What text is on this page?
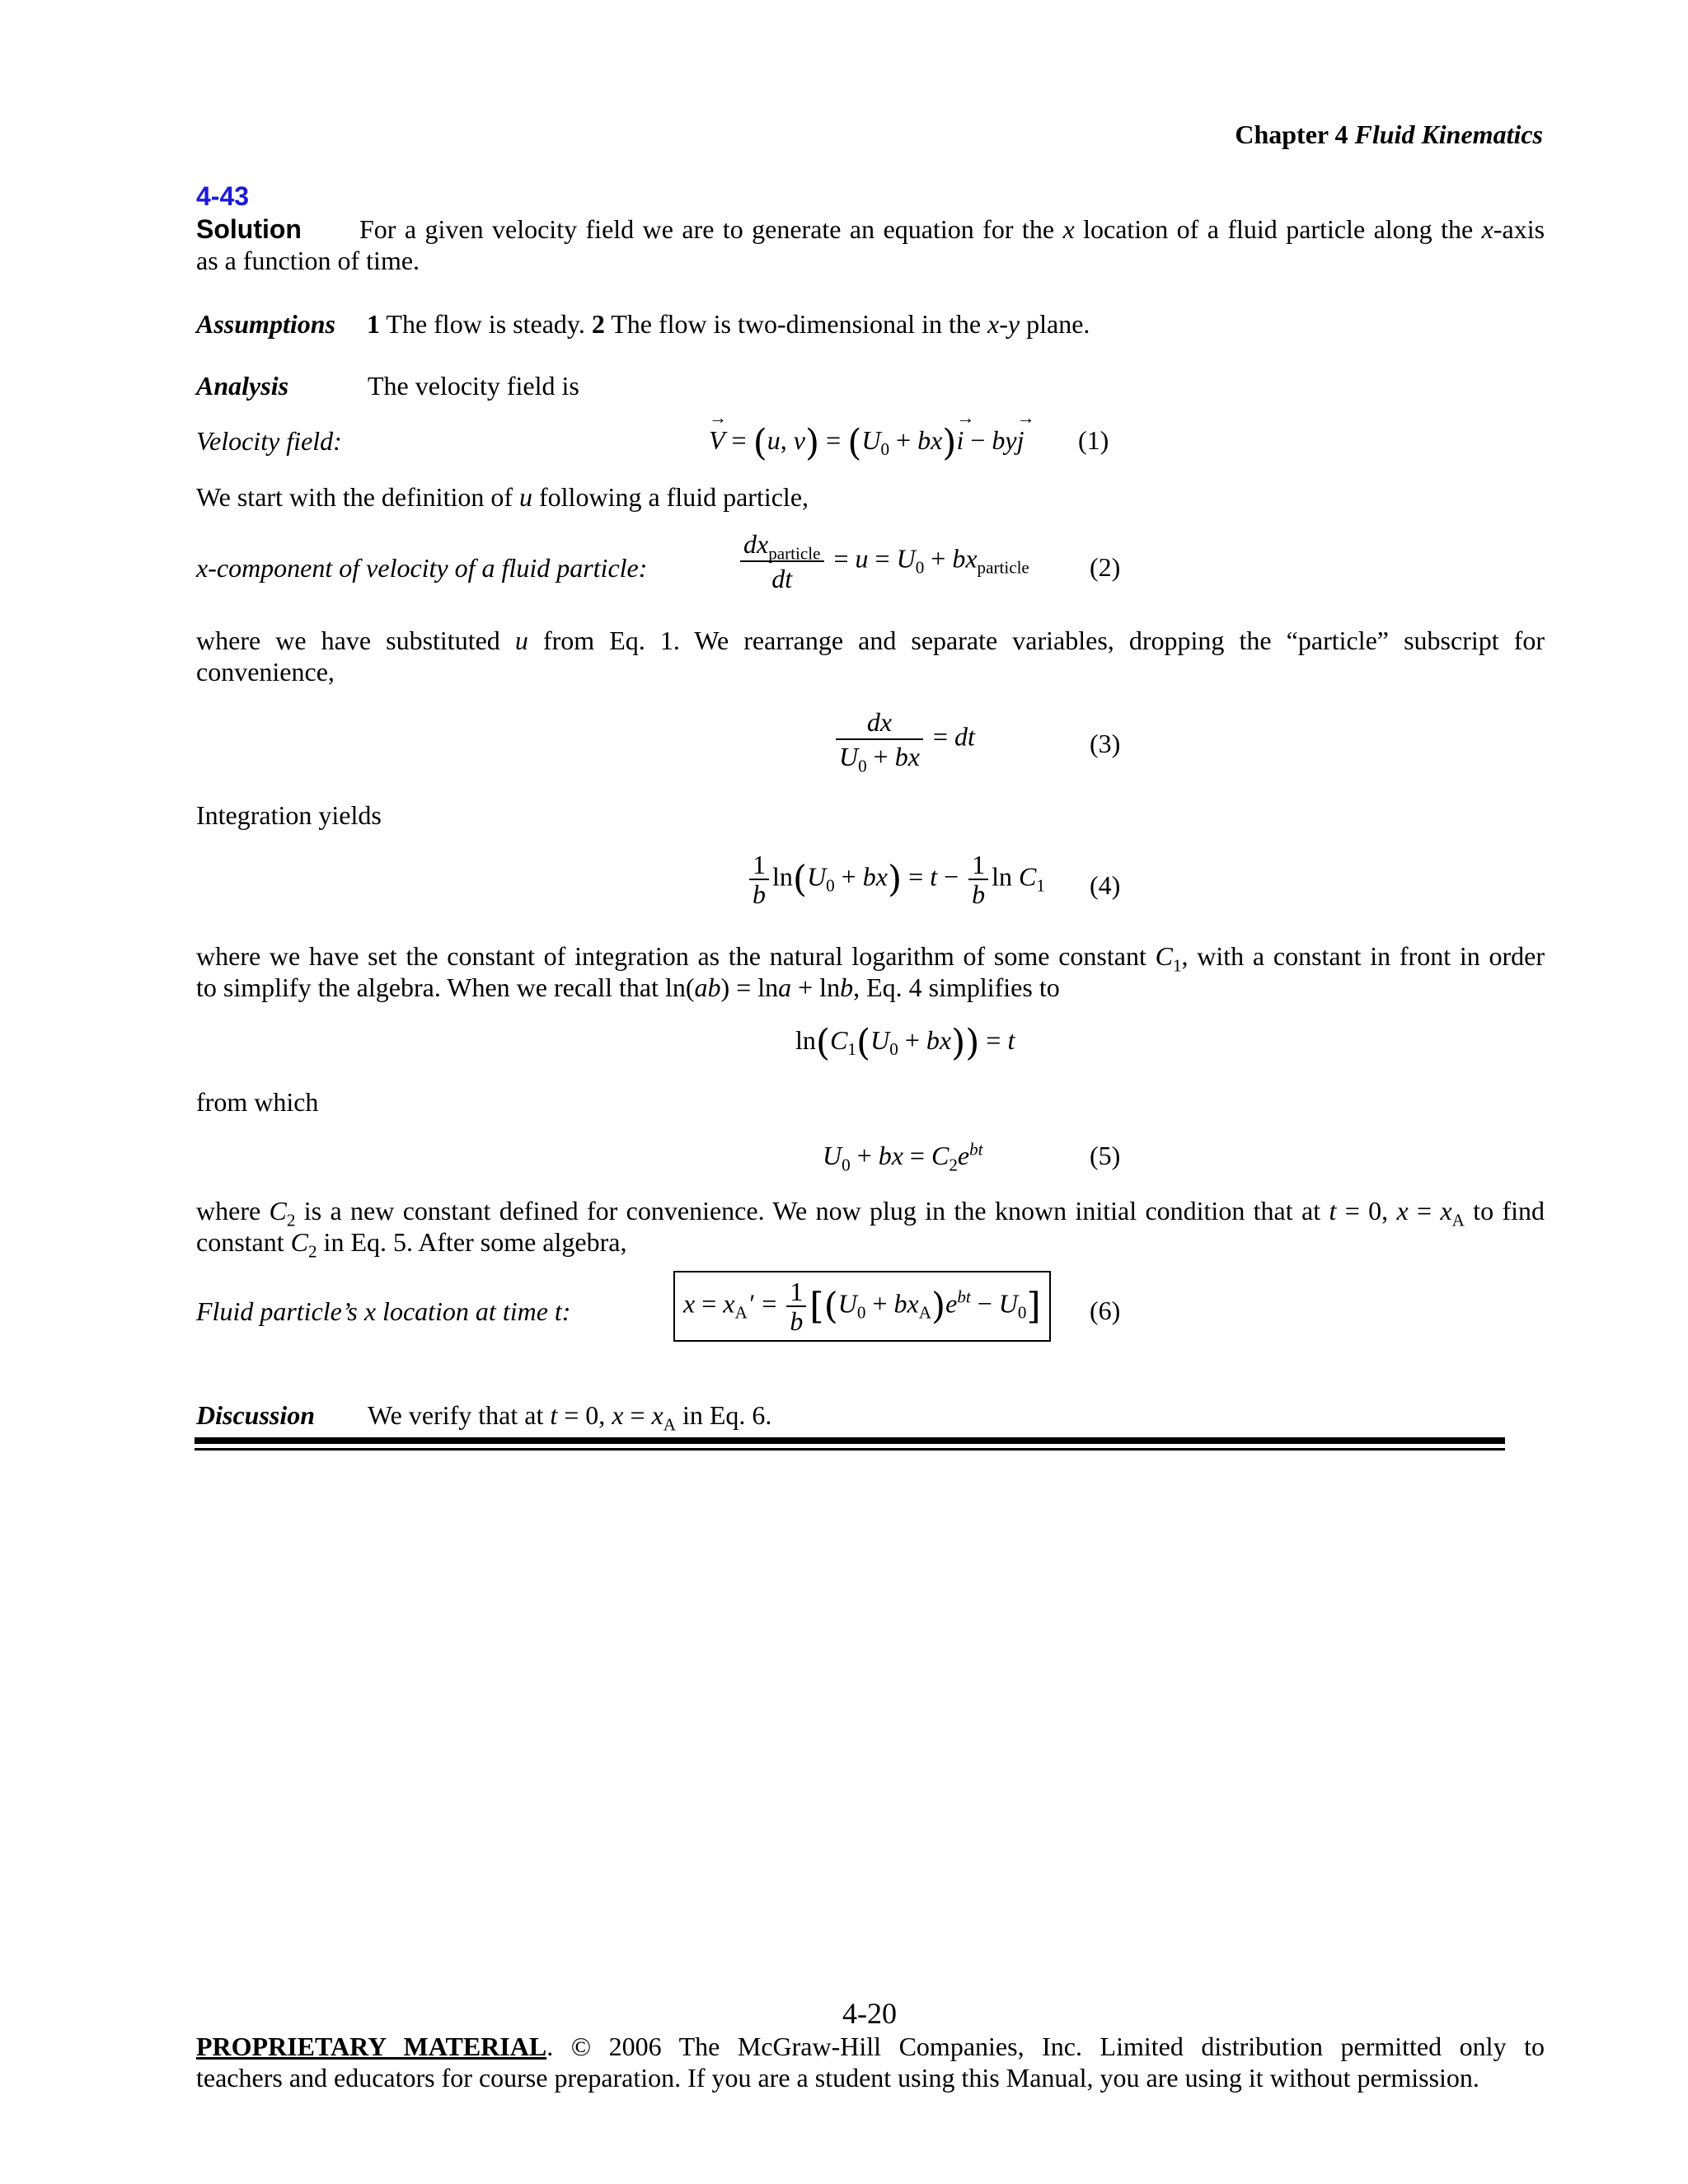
Chapter 4 Fluid Kinematics
4-43
Solution For a given velocity field we are to generate an equation for the x location of a fluid particle along the x-axis
as a function of time.
Assumptions 1 The flow is steady. 2 The flow is two-dimensional in the x-y plane.
Analysis	The velocity field is
Velocity field:
→	V = (u, $v) = (U_0 + bx)\to i - by\to j$ (1)
We start with the definition of u following a fluid particle,
x-component of velocity of a fluid particle:	$\frac{dx_{particle}}{dt} = u = U_0 + bx_{particle}$ (2)
where we have substituted u from Eq. 1. We rearrange and separate variables, dropping the “particle” subscript for
convenience,
$\frac{dx}{U_0 + bx}$ = dt	(3)
Integration yields
$\frac{1}{b} \ln(U_0 + bx) = t - \frac{1}{b}$ $\ln C_1$ (4)
where we have set the constant of integration as the natural logarithm of some constant $C_1$, with a constant in front in order
to simplify the algebra. When we recall that ln(ab) = lna + lnb, Eq. 4 simplifies to
$\ln(C_1(U_0 + bx)) = t$
from which
$U_0$ + bx = $C_2e^{bt}$	(5)
where $C_2$ is a new constant defined for convenience. We now plug in the known initial condition that at t = 0, $x = x_A$ to find
constant $C_2$ in Eq. 5. After some algebra,
Fluid particle’s x location at time t:	$x = x_A$ ′ = $\frac{1}{b} [(U_0 + bx_A)e^{bt} - U_0]$	(6)
Discussion We verify that at t = 0, $x = x_A$ in Eq. 6.
4-20
PROPRIETARY MATERIAL. © 2006 The McGraw-Hill Companies, Inc. Limited distribution permitted only to
teachers and educators for course preparation. If you are a student using this Manual, you are using it without permission.
